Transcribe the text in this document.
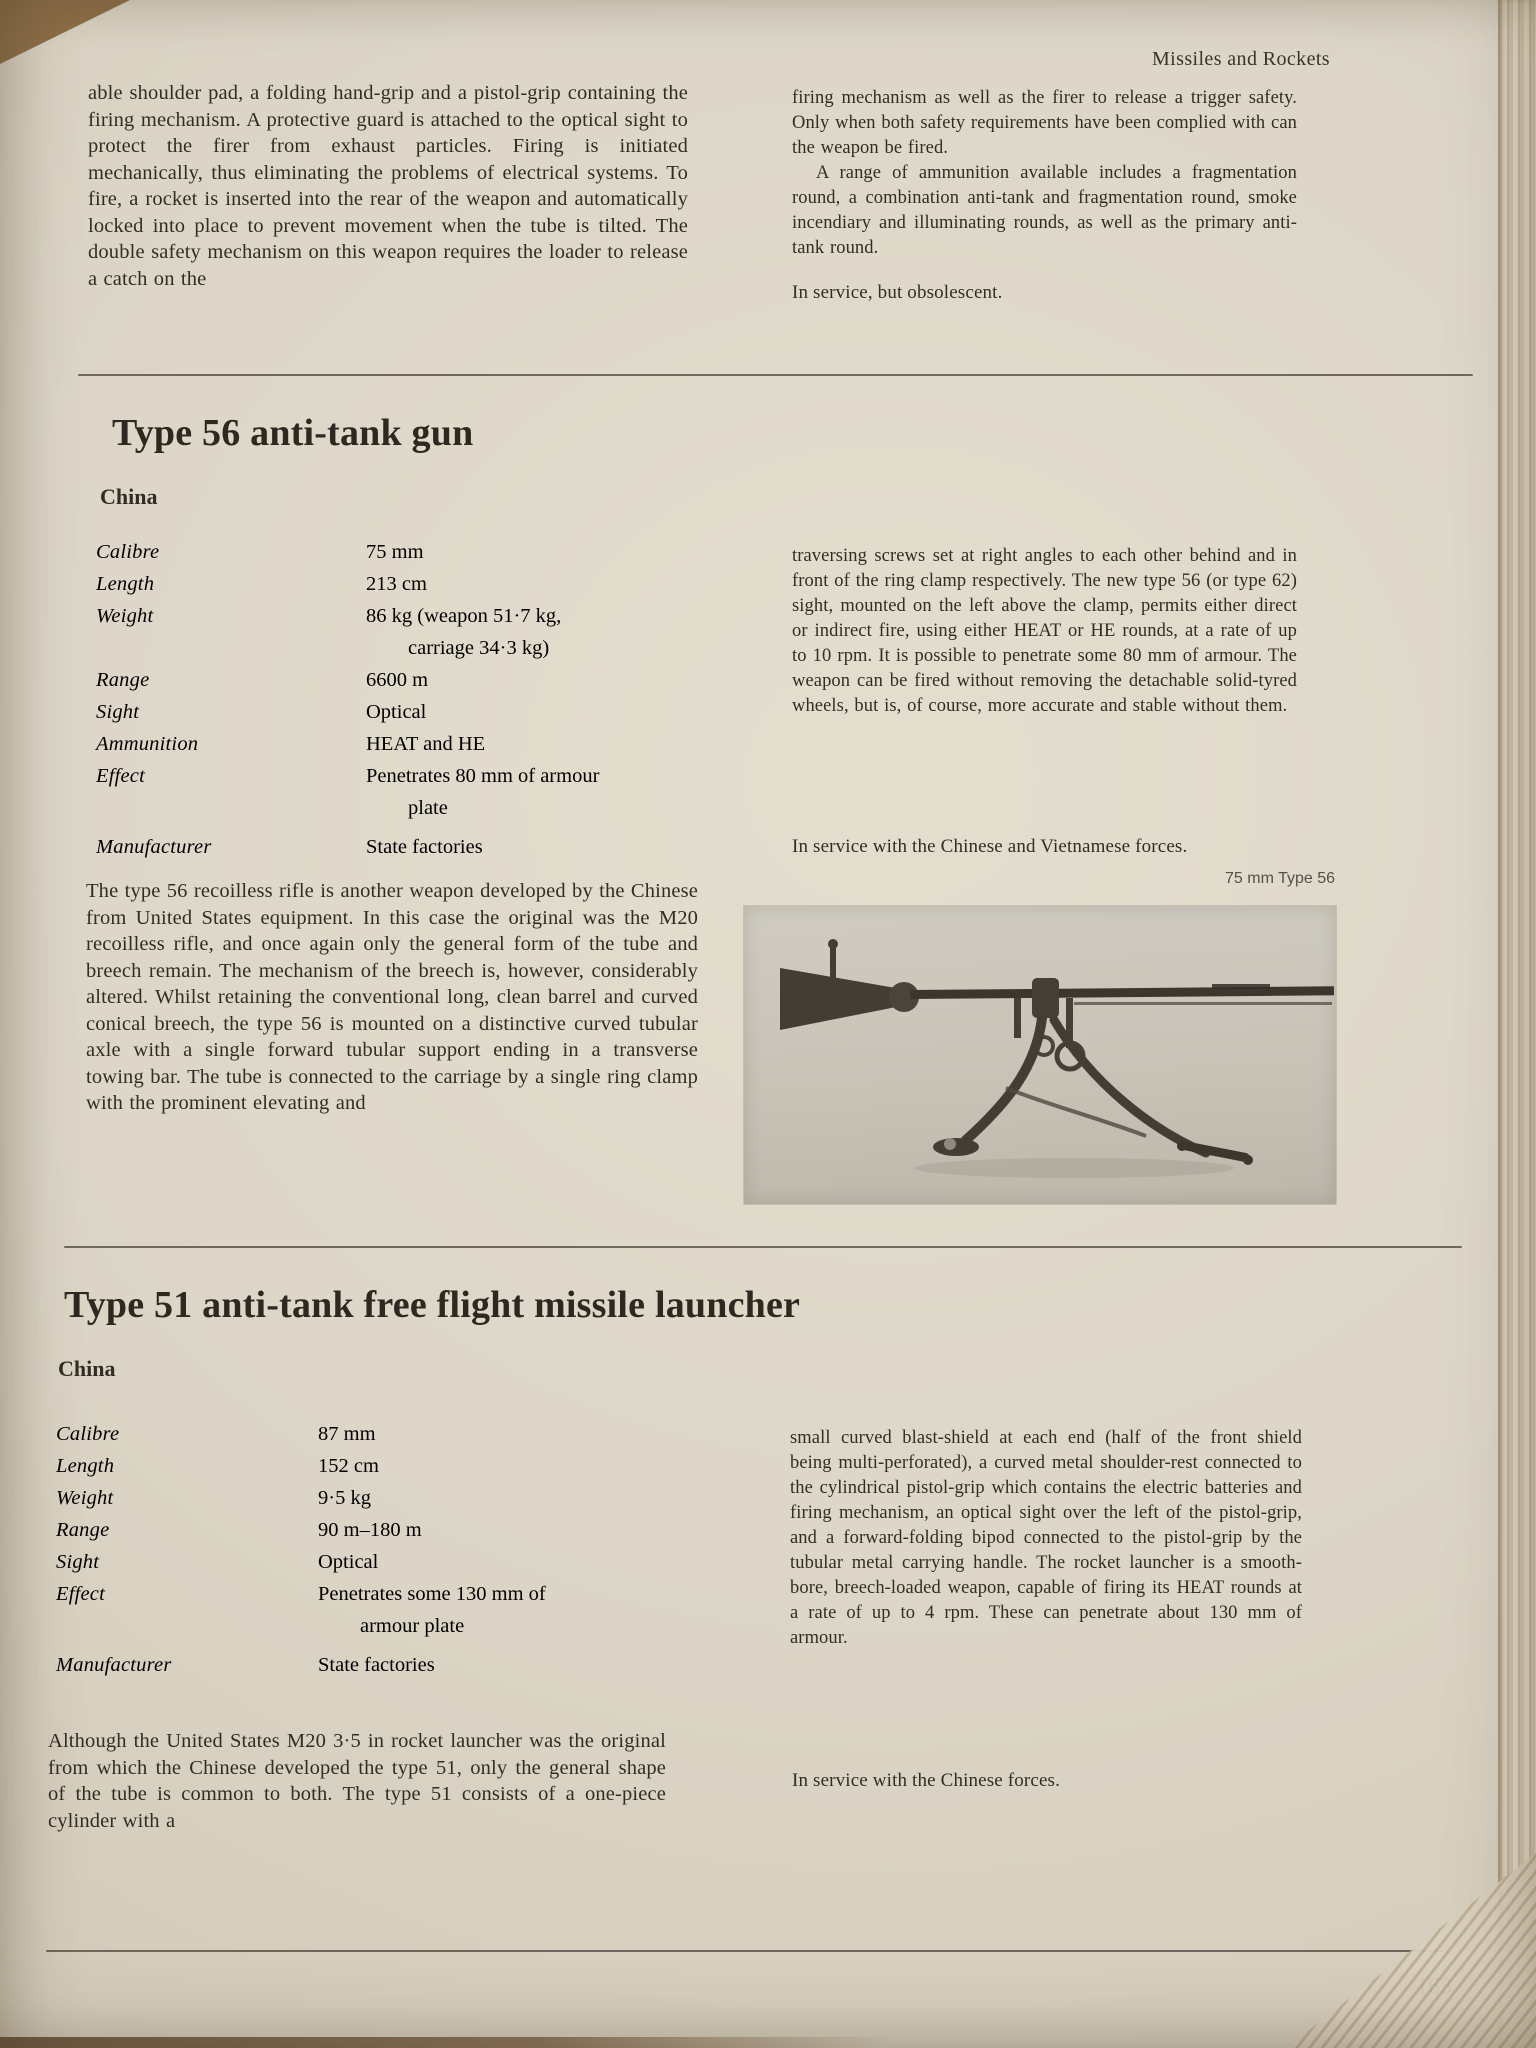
Missiles and Rockets

able shoulder pad, a folding hand-grip and a pistol-grip containing the firing mechanism. A protective guard is attached to the optical sight to protect the firer from exhaust particles. Firing is initiated mechanically, thus eliminating the problems of electrical systems. To fire, a rocket is inserted into the rear of the weapon and automatically locked into place to prevent movement when the tube is tilted. The double safety mechanism on this weapon requires the loader to release a catch on the

firing mechanism as well as the firer to release a trigger safety. Only when both safety requirements have been complied with can the weapon be fired.

A range of ammunition available includes a fragmentation round, a combination anti-tank and fragmentation round, smoke incendiary and illuminating rounds, as well as the primary anti-tank round.

In service, but obsolescent.
Type 56 anti-tank gun
China
Calibre	75 mm
Length	213 cm
Weight	86 kg (weapon 51·7 kg,
carriage 34·3 kg)
Range	6600 m
Sight	Optical
Ammunition	HEAT and HE
Effect	Penetrates 80 mm of armour
plate
Manufacturer	State factories

The type 56 recoilless rifle is another weapon developed by the Chinese from United States equipment. In this case the original was the M20 recoilless rifle, and once again only the general form of the tube and breech remain. The mechanism of the breech is, however, considerably altered. Whilst retaining the conventional long, clean barrel and curved conical breech, the type 56 is mounted on a distinctive curved tubular axle with a single forward tubular support ending in a transverse towing bar. The tube is connected to the carriage by a single ring clamp with the prominent elevating and

traversing screws set at right angles to each other behind and in front of the ring clamp respectively. The new type 56 (or type 62) sight, mounted on the left above the clamp, permits either direct or indirect fire, using either HEAT or HE rounds, at a rate of up to 10 rpm. It is possible to penetrate some 80 mm of armour. The weapon can be fired without removing the detachable solid-tyred wheels, but is, of course, more accurate and stable without them.

In service with the Chinese and Vietnamese forces.
75 mm Type 56
Type 51 anti-tank free flight missile launcher
China
Calibre	87 mm
Length	152 cm
Weight	9·5 kg
Range	90 m–180 m
Sight	Optical
Effect	Penetrates some 130 mm of
armour plate
Manufacturer	State factories

Although the United States M20 3·5 in rocket launcher was the original from which the Chinese developed the type 51, only the general shape of the tube is common to both. The type 51 consists of a one-piece cylinder with a

small curved blast-shield at each end (half of the front shield being multi-perforated), a curved metal shoulder-rest connected to the cylindrical pistol-grip which contains the electric batteries and firing mechanism, an optical sight over the left of the pistol-grip, and a forward-folding bipod connected to the pistol-grip by the tubular metal carrying handle. The rocket launcher is a smooth-bore, breech-loaded weapon, capable of firing its HEAT rounds at a rate of up to 4 rpm. These can penetrate about 130 mm of armour.

In service with the Chinese forces.
